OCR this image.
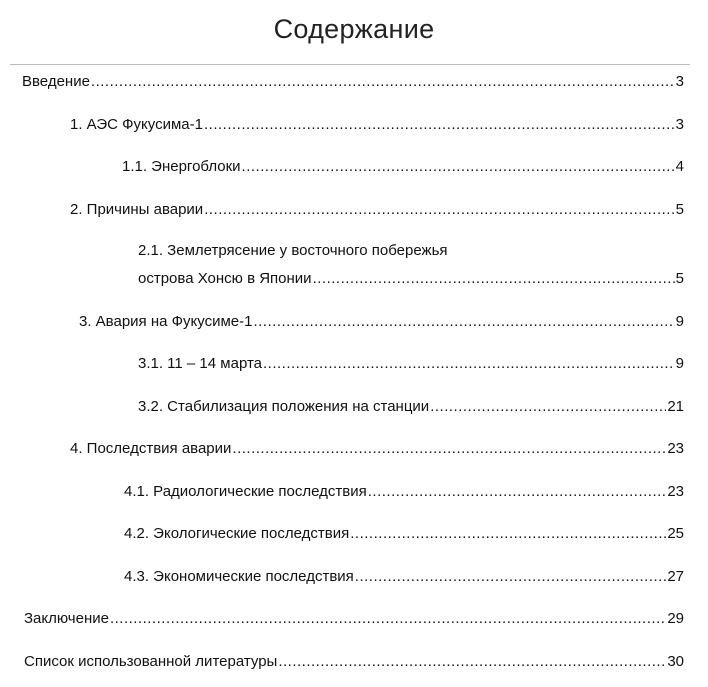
Содержание
Введение .....	3
1. АЭС Фукусима-1 .....	3
1.1. Энергоблоки .....	4
2. Причины аварии .....	5
2.1. Землетрясение у восточного побережья
острова Хонсю в Японии .....	5
3. Авария на Фукусиме-1 .....	9
3.1. 11 – 14 марта .....	9
3.2. Стабилизация положения на станции .....	21
4. Последствия аварии .....	23
4.1. Радиологические последствия .....	23
4.2. Экологические последствия .....	25
4.3. Экономические последствия .....	27
Заключение .....	29
Список использованной литературы .....	30
